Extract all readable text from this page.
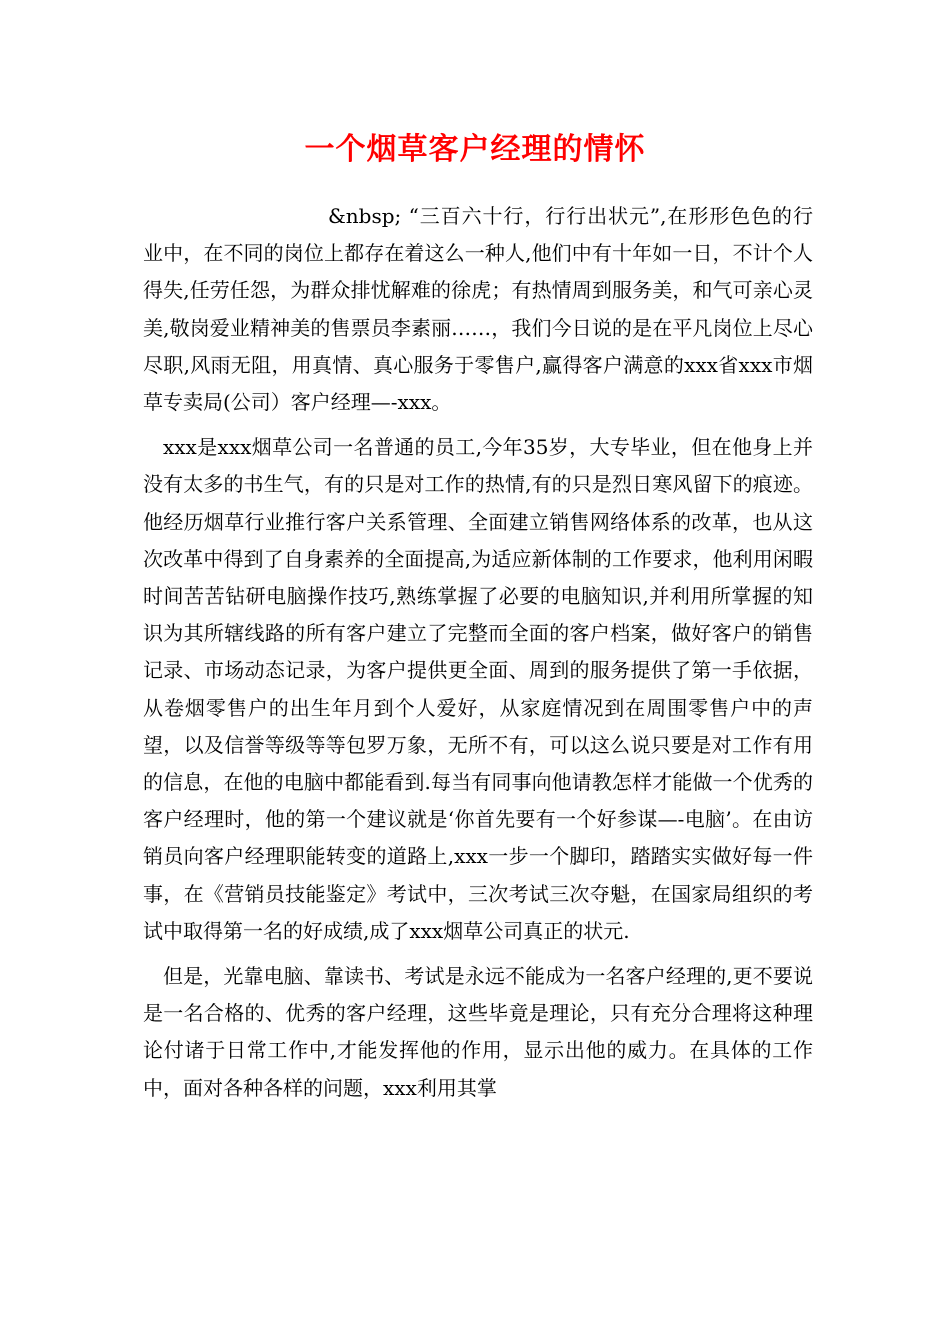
一个烟草客户经理的情怀

&nbsp; “三百六十行，行行出状元”,在形形色色的行业中，在不同的岗位上都存在着这么一种人,他们中有十年如一日，不计个人得失,任劳任怨，为群众排忧解难的徐虎；有热情周到服务美，和气可亲心灵美,敬岗爱业精神美的售票员李素丽……，我们今日说的是在平凡岗位上尽心尽职,风雨无阻，用真情、真心服务于零售户,赢得客户满意的xxx省xxx市烟草专卖局(公司）客户经理—-xxx。

xxx是xxx烟草公司一名普通的员工,今年35岁，大专毕业，但在他身上并没有太多的书生气，有的只是对工作的热情,有的只是烈日寒风留下的痕迹。他经历烟草行业推行客户关系管理、全面建立销售网络体系的改革，也从这次改革中得到了自身素养的全面提高,为适应新体制的工作要求，他利用闲暇时间苦苦钻研电脑操作技巧,熟练掌握了必要的电脑知识,并利用所掌握的知识为其所辖线路的所有客户建立了完整而全面的客户档案，做好客户的销售记录、市场动态记录，为客户提供更全面、周到的服务提供了第一手依据，从卷烟零售户的出生年月到个人爱好，从家庭情况到在周围零售户中的声望，以及信誉等级等等包罗万象，无所不有，可以这么说只要是对工作有用的信息，在他的电脑中都能看到.每当有同事向他请教怎样才能做一个优秀的客户经理时，他的第一个建议就是‘你首先要有一个好参谋—-电脑’。在由访销员向客户经理职能转变的道路上,xxx一步一个脚印，踏踏实实做好每一件事，在《营销员技能鉴定》考试中，三次考试三次夺魁，在国家局组织的考试中取得第一名的好成绩,成了xxx烟草公司真正的状元.

但是，光靠电脑、靠读书、考试是永远不能成为一名客户经理的,更不要说是一名合格的、优秀的客户经理，这些毕竟是理论，只有充分合理将这种理论付诸于日常工作中,才能发挥他的作用，显示出他的威力。在具体的工作中，面对各种各样的问题，xxx利用其掌
